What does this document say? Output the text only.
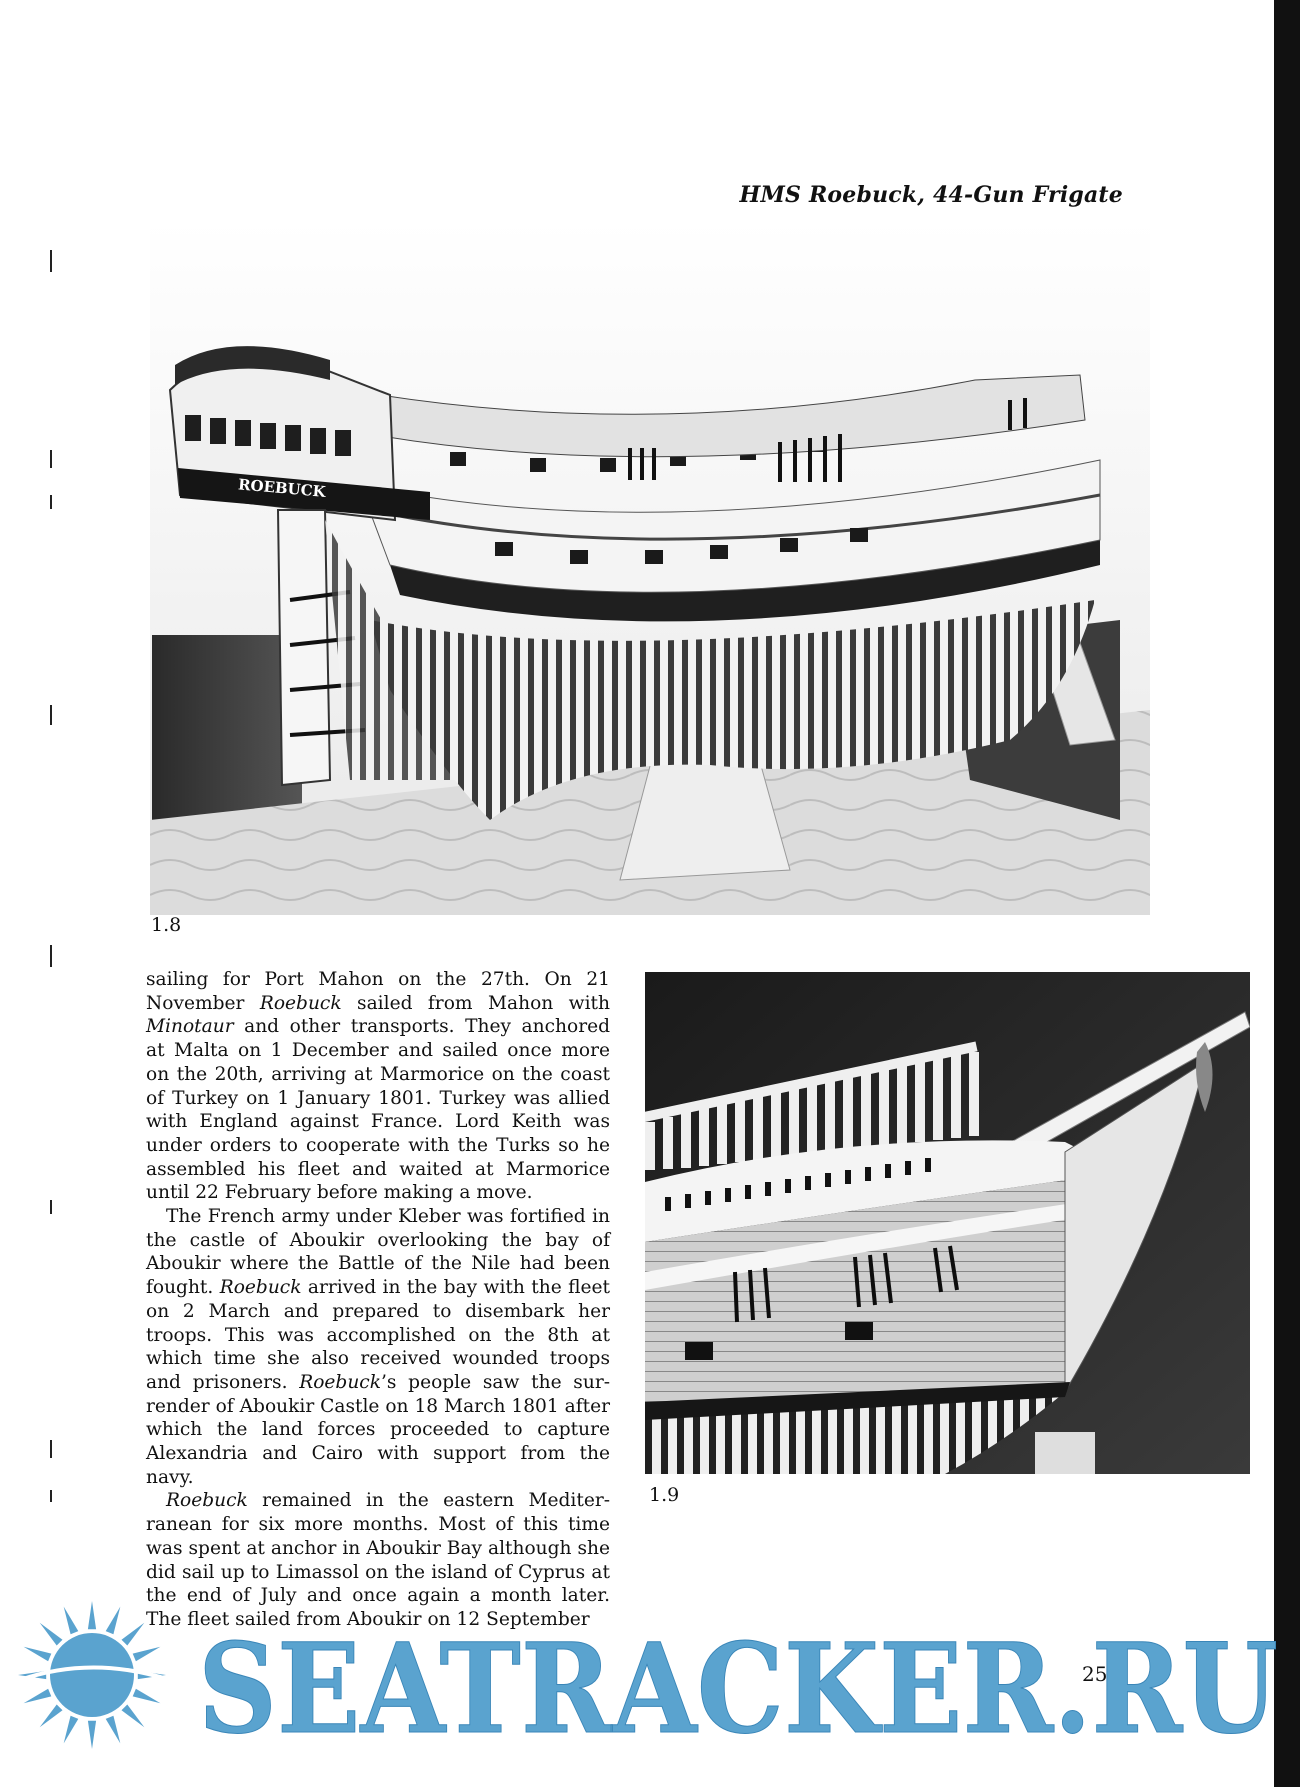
HMS Roebuck, 44-Gun Frigate
ROEBUCK
1.8
1.9

sailing for Port Mahon on the 27th. On 21 November Roebuck sailed from Mahon with Minotaur and other transports. They anchored at Malta on 1 December and sailed once more on the 20th, arriving at Marmorice on the coast of Turkey on 1 January 1801. Turkey was allied with England against France. Lord Keith was under orders to cooperate with the Turks so he assembled his fleet and waited at Marmorice until 22 February before making a move.

The French army under Kleber was fortified in the castle of Aboukir overlooking the bay of Aboukir where the Battle of the Nile had been fought. Roebuck arrived in the bay with the fleet on 2 March and prepared to disembark her troops. This was accomplished on the 8th at which time she also received wounded troops and prisoners. Roebuck’s people saw the sur-render of Aboukir Castle on 18 March 1801 after which the land forces proceeded to capture Alexandria and Cairo with support from the navy.

Roebuck remained in the eastern Mediter-ranean for six more months. Most of this time was spent at anchor in Aboukir Bay although she did sail up to Limassol on the island of Cyprus at the end of July and once again a month later. The fleet sailed from Aboukir on 12 September

25
SEATRACKER.RU
